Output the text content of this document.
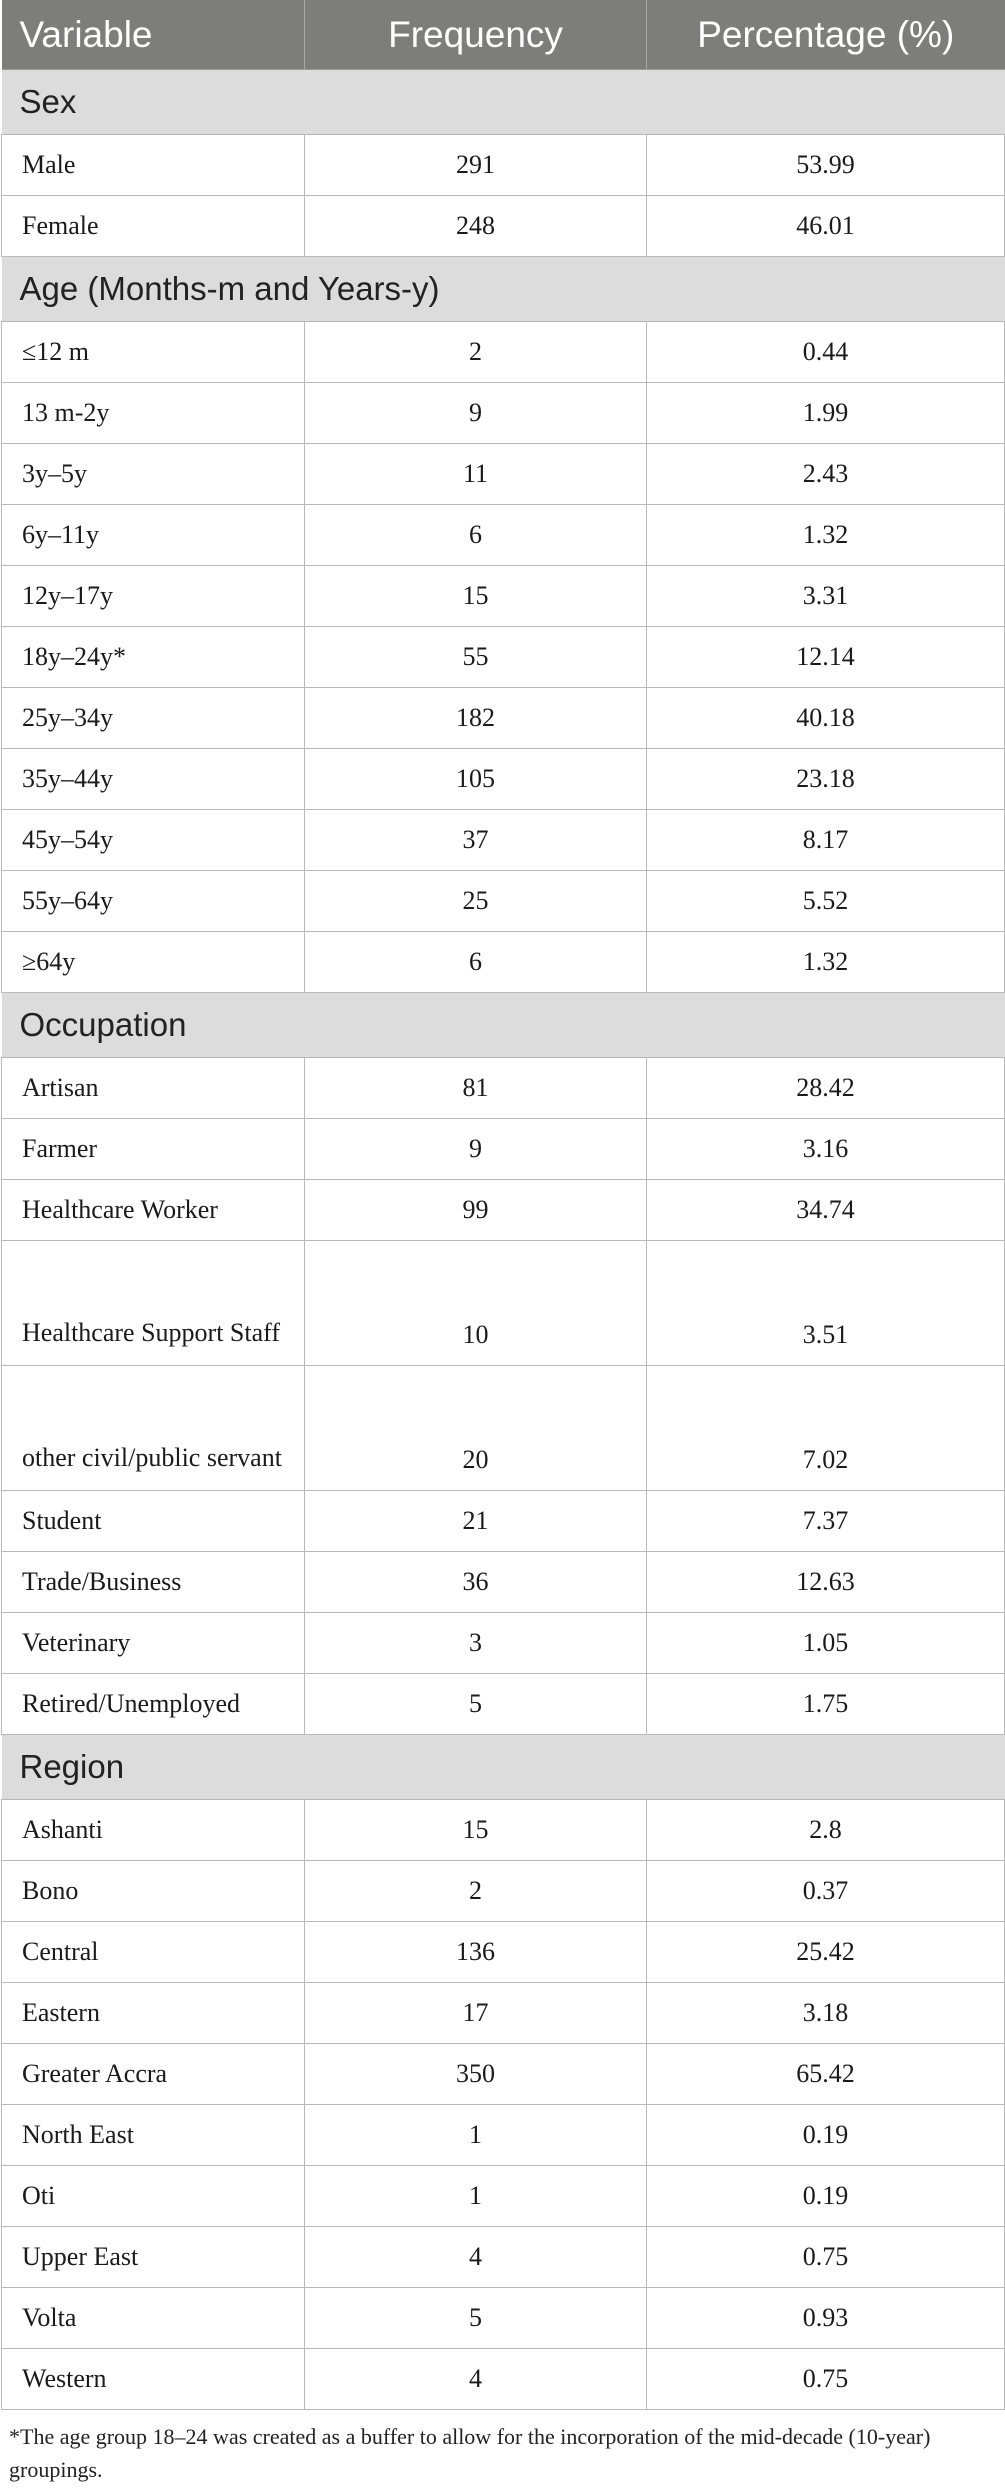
Variable	Frequency	Percentage (%)
Sex		
Male	291	53.99
Female	248	46.01
Age (Months-m and Years-y)		
≤12 m	2	0.44
13 m-2y	9	1.99
3y–5y	11	2.43
6y–11y	6	1.32
12y–17y	15	3.31
18y–24y*	55	12.14
25y–34y	182	40.18
35y–44y	105	23.18
45y–54y	37	8.17
55y–64y	25	5.52
≥64y	6	1.32
Occupation		
Artisan	81	28.42
Farmer	9	3.16
Healthcare Worker	99	34.74
Healthcare Support Staff	10	3.51
other civil/public servant	20	7.02
Student	21	7.37
Trade/Business	36	12.63
Veterinary	3	1.05
Retired/Unemployed	5	1.75
Region		
Ashanti	15	2.8
Bono	2	0.37
Central	136	25.42
Eastern	17	3.18
Greater Accra	350	65.42
North East	1	0.19
Oti	1	0.19
Upper East	4	0.75
Volta	5	0.93
Western	4	0.75
*The age group 18–24 was created as a buffer to allow for the incorporation of the mid-decade (10-year) groupings.
